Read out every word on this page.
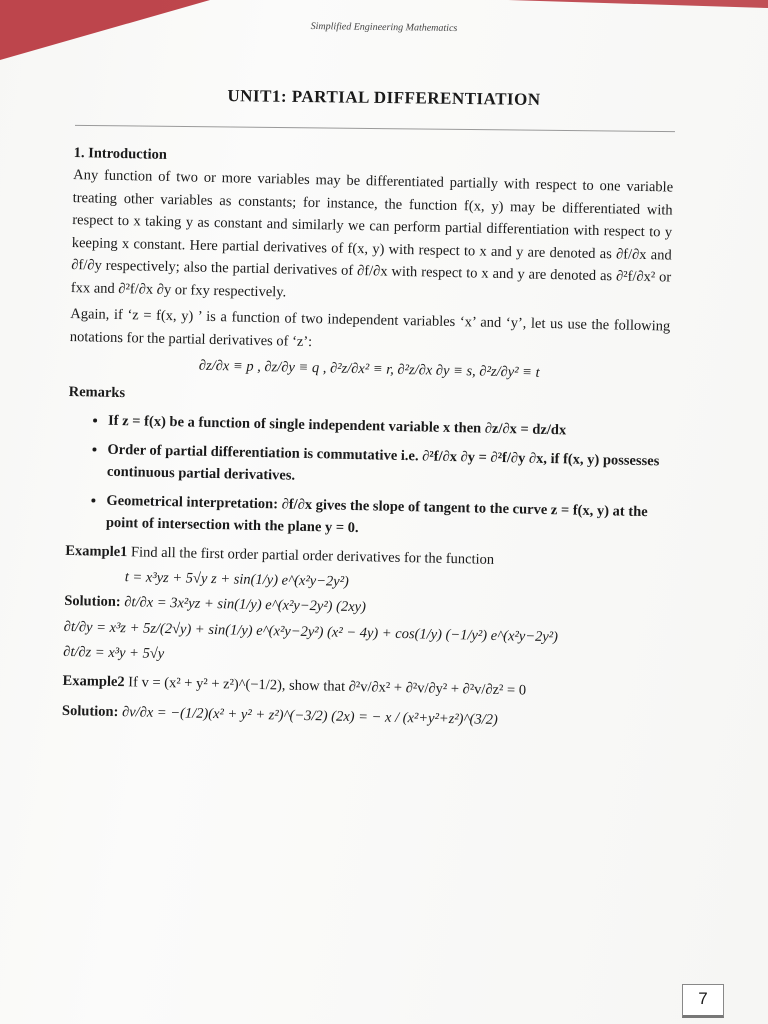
Simplified Engineering Mathematics
UNIT1: PARTIAL DIFFERENTIATION
1. Introduction

Any function of two or more variables may be differentiated partially with respect to one variable treating other variables as constants; for instance, the function f(x, y) may be differentiated with respect to x taking y as constant and similarly we can perform partial differentiation with respect to y keeping x constant. Here partial derivatives of f(x, y) with respect to x and y are denoted as ∂f/∂x and ∂f/∂y respectively; also the partial derivatives of ∂f/∂x with respect to x and y are denoted as ∂²f/∂x² or fxx and ∂²f/∂x ∂y or fxy respectively.

Again, if ‘z = f(x, y) ’ is a function of two independent variables ‘x’ and ‘y’, let us use the following notations for the partial derivatives of ‘z’:

∂z/∂x ≡ p , ∂z/∂y ≡ q , ∂²z/∂x² ≡ r, ∂²z/∂x ∂y ≡ s, ∂²z/∂y² ≡ t
Remarks
• If z = f(x) be a function of single independent variable x then ∂z/∂x = dz/dx
• Order of partial differentiation is commutative i.e. ∂²f/∂x ∂y = ∂²f/∂y ∂x, if f(x, y) possesses continuous partial derivatives.
• Geometrical interpretation: ∂f/∂x gives the slope of tangent to the curve z = f(x, y) at the point of intersection with the plane y = 0.
Example1 Find all the first order partial order derivatives for the function
t = x³yz + 5√y z + sin(1/y) e^(x²y−2y²)
Solution: ∂t/∂x = 3x²yz + sin(1/y) e^(x²y−2y²) (2xy)
∂t/∂y = x³z + 5z/(2√y) + sin(1/y) e^(x²y−2y²) (x² − 4y) + cos(1/y) (−1/y²) e^(x²y−2y²)
∂t/∂z = x³y + 5√y
Example2 If v = (x² + y² + z²)^(−1/2), show that ∂²v/∂x² + ∂²v/∂y² + ∂²v/∂z² = 0
Solution: ∂v/∂x = −(1/2)(x² + y² + z²)^(−3/2) (2x) = − x / (x²+y²+z²)^(3/2)
7
